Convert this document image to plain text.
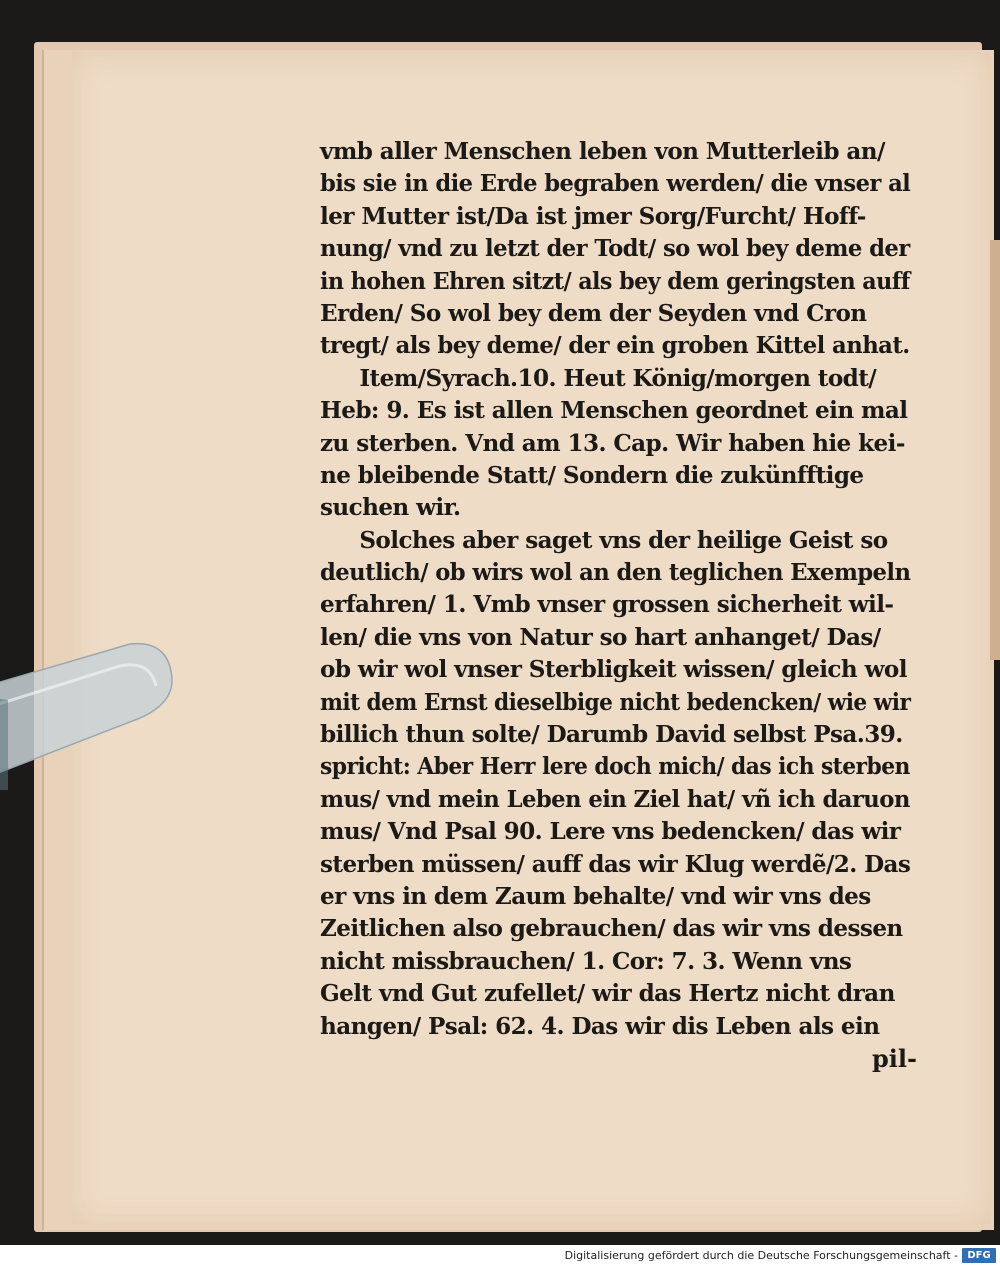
vmb aller Menschen leben von Mutterleib an/
bis sie in die Erde begraben werden/ die vnser al
ler Mutter ist/Da ist jmer Sorg/Furcht/ Hoff-
nung/ vnd zu letzt der Todt/ so wol bey deme der
in hohen Ehren sitzt/ als bey dem geringsten auff
Erden/ So wol bey dem der Seyden vnd Cron
tregt/ als bey deme/ der ein groben Kittel anhat.
Item/Syrach.10. Heut König/morgen todt/
Heb: 9. Es ist allen Menschen geordnet ein mal
zu sterben. Vnd am 13. Cap. Wir haben hie kei-
ne bleibende Statt/ Sondern die zukünfftige
suchen wir.
Solches aber saget vns der heilige Geist so
deutlich/ ob wirs wol an den teglichen Exempeln
erfahren/ 1. Vmb vnser grossen sicherheit wil-
len/ die vns von Natur so hart anhanget/ Das/
ob wir wol vnser Sterbligkeit wissen/ gleich wol
mit dem Ernst dieselbige nicht bedencken/ wie wir
billich thun solte/ Darumb David selbst Psa.39.
spricht: Aber Herr lere doch mich/ das ich sterben
mus/ vnd mein Leben ein Ziel hat/ vñ ich daruon
mus/ Vnd Psal 90. Lere vns bedencken/ das wir
sterben müssen/ auff das wir Klug werdẽ/2. Das
er vns in dem Zaum behalte/ vnd wir vns des
Zeitlichen also gebrauchen/ das wir vns dessen
nicht missbrauchen/ 1. Cor: 7. 3. Wenn vns
Gelt vnd Gut zufellet/ wir das Hertz nicht dran
hangen/ Psal: 62. 4. Das wir dis Leben als ein
pil-
Digitalisierung gefördert durch die Deutsche Forschungsgemeinschaft - DFG
